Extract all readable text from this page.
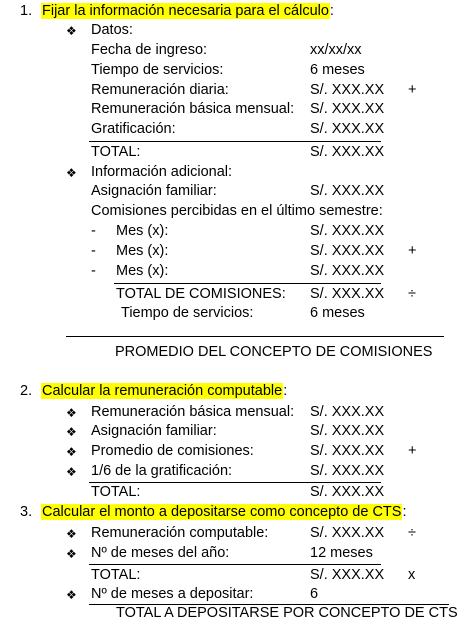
1. Fijar la información necesaria para el cálculo:
❖ Datos:
Fecha de ingreso:	xx/xx/xx
Tiempo de servicios:	6 meses
Remuneración diaria:	S/. XXX.XX +
Remuneración básica mensual: S/. XXX.XX
Gratificación:	S/. XXX.XX
TOTAL:	S/. XXX.XX
❖ Información adicional:
Asignación familiar:	S/. XXX.XX
Comisiones percibidas en el último semestre:
- Mes (x):	S/. XXX.XX
- Mes (x):	S/. XXX.XX +
- Mes (x):	S/. XXX.XX
TOTAL DE COMISIONES: S/. XXX.XX ÷
Tiempo de servicios:	6 meses
PROMEDIO DEL CONCEPTO DE COMISIONES
2. Calcular la remuneración computable:
❖ Remuneración básica mensual: S/. XXX.XX
❖ Asignación familiar:	S/. XXX.XX
❖ Promedio de comisiones:	S/. XXX.XX +
❖ 1/6 de la gratificación:	S/. XXX.XX
TOTAL:	S/. XXX.XX
3. Calcular el monto a depositarse como concepto de CTS:
❖ Remuneración computable:	S/. XXX.XX ÷
❖ Nº de meses del año:	12 meses
TOTAL:	S/. XXX.XX x
❖ Nº de meses a depositar:	6
TOTAL A DEPOSITARSE POR CONCEPTO DE CTS
